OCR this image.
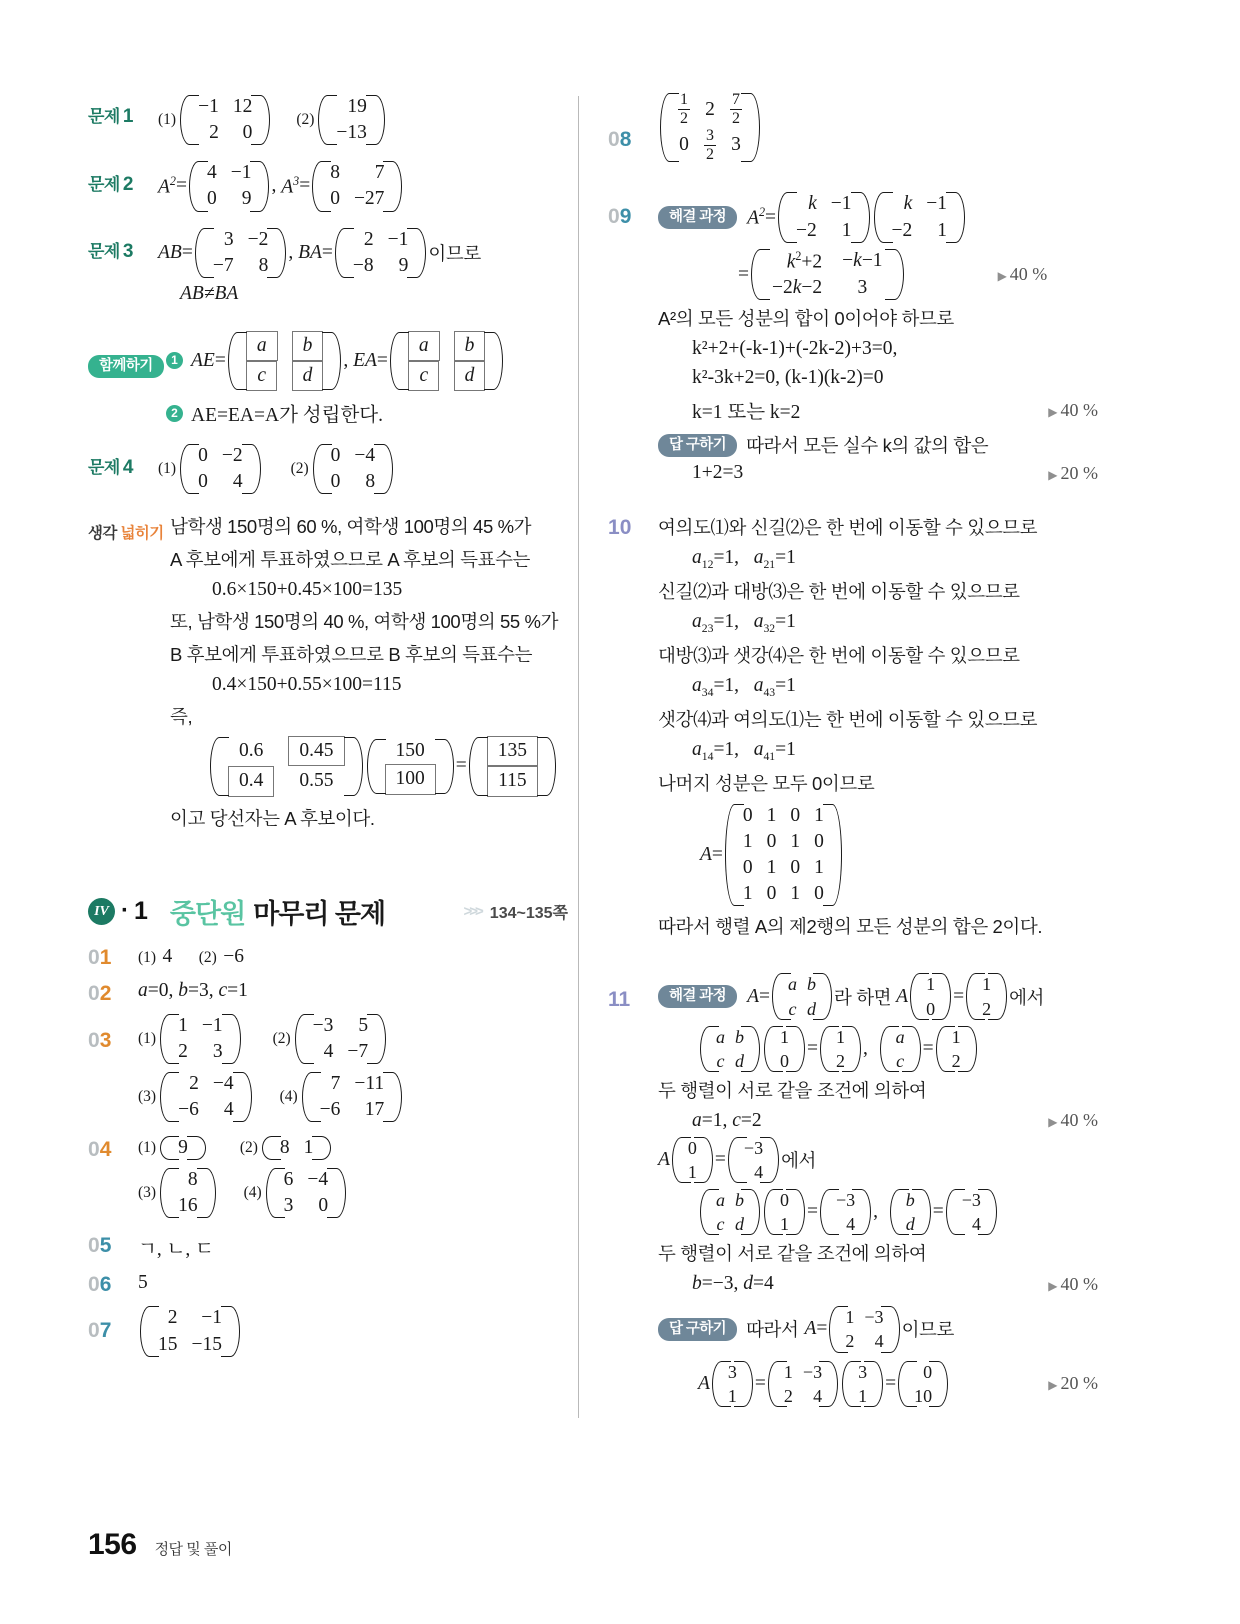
문제 1	(1)
−1	12
2	0
(2)
19
−13
문제 2	$A^2$ =
4	−1
0	9
, $A^3$ =
8	7
0	−27
문제 3	AB =
3	−2
−7	8
, BA =
2	−1
−8	9
이므로
AB≠BA
함께하기	1 AE =
a	b
c	d
, EA =
a	b
c	d
2 AE=EA=A가 성립한다.
문제 4	(1)
0	−2
0	4
(2)
0	−4
0	8
생각 넓히기 남학생 150명의 60 %, 여학생 100명의 45 %가
A 후보에게 투표하였으므로 A 후보의 득표수는
0.6×150+0.45×100=135
또, 남학생 150명의 40 %, 여학생 100명의 55 %가
B 후보에게 투표하였으므로 B 후보의 득표수는
0.4×150+0.55×100=115
즉,
0.6	0.45
0.4	0.55
150
100
=
135
115
이고 당선자는 A 후보이다.
IV · 1 중단원 마무리 문제	>>> 134~135쪽
01	(1) 4 (2) −6
02	a=0, b=3, c=1
03	(1)
1	−1
2	3
(2)
−3	5
4	−7
(3)
2	−4
−6	4
(4)
7	−11
−6	17
04	(1) 9	(2) 8	1
(3)
8
16
(4)
6	−4
3	0
05	ㄱ, ㄴ, ㄷ
06	5
07
2	−1
15	−15
08
$\frac{1}{2}$	2	$\frac{7}{2}$

0	$\frac{3}{2}$	3
09	해결 과정	$A^2$ =
k	−1
−2	1
k	−1
−2	1
=
$k^2+2$	−k−1
−2k−2	3
▶ 40 %
A²의 모든 성분의 합이 0이어야 하므로
k²+2+(-k-1)+(-2k-2)+3=0,
k²-3k+2=0, (k-1)(k-2)=0
k=1 또는 k=2	▶ 40 %
답 구하기	따라서 모든 실수 k의 값의 합은
1+2=3	▶ 20 %
10	여의도⑴와 신길⑵은 한 번에 이동할 수 있으므로
$a_{12}=1$,   $a_{21}=1$
신길⑵과 대방⑶은 한 번에 이동할 수 있으므로
$a_{23}=1$,   $a_{32}=1$
대방⑶과 샛강⑷은 한 번에 이동할 수 있으므로
$a_{34}=1$,   $a_{43}=1$
샛강⑷과 여의도⑴는 한 번에 이동할 수 있으므로
$a_{14}=1$,   $a_{41}=1$
나머지 성분은 모두 0이므로
A =
0	1	0	1
1	0	1	0
0	1	0	1
1	0	1	0
따라서 행렬 A의 제2행의 모든 성분의 합은 2이다.
11	해결 과정	A =
a	b
c	d
라 하면 A
1
0
=
1
2
에서
a	b
c	d
1
0
=
1
2
,
a
c
=
1
2
두 행렬이 서로 같을 조건에 의하여
a=1, c=2	▶ 40 %
A
0
1
=
−3
4
에서
a	b
c	d
0
1
=
−3
4
,
b
d
=
−3
4
두 행렬이 서로 같을 조건에 의하여
b=−3, d=4	▶ 40 %
답 구하기	따라서 A =
1	−3
2	4
이므로
A
3
1
=
1	−3
2	4
3
1
=
0
10
▶ 20 %
156 정답 및 풀이
